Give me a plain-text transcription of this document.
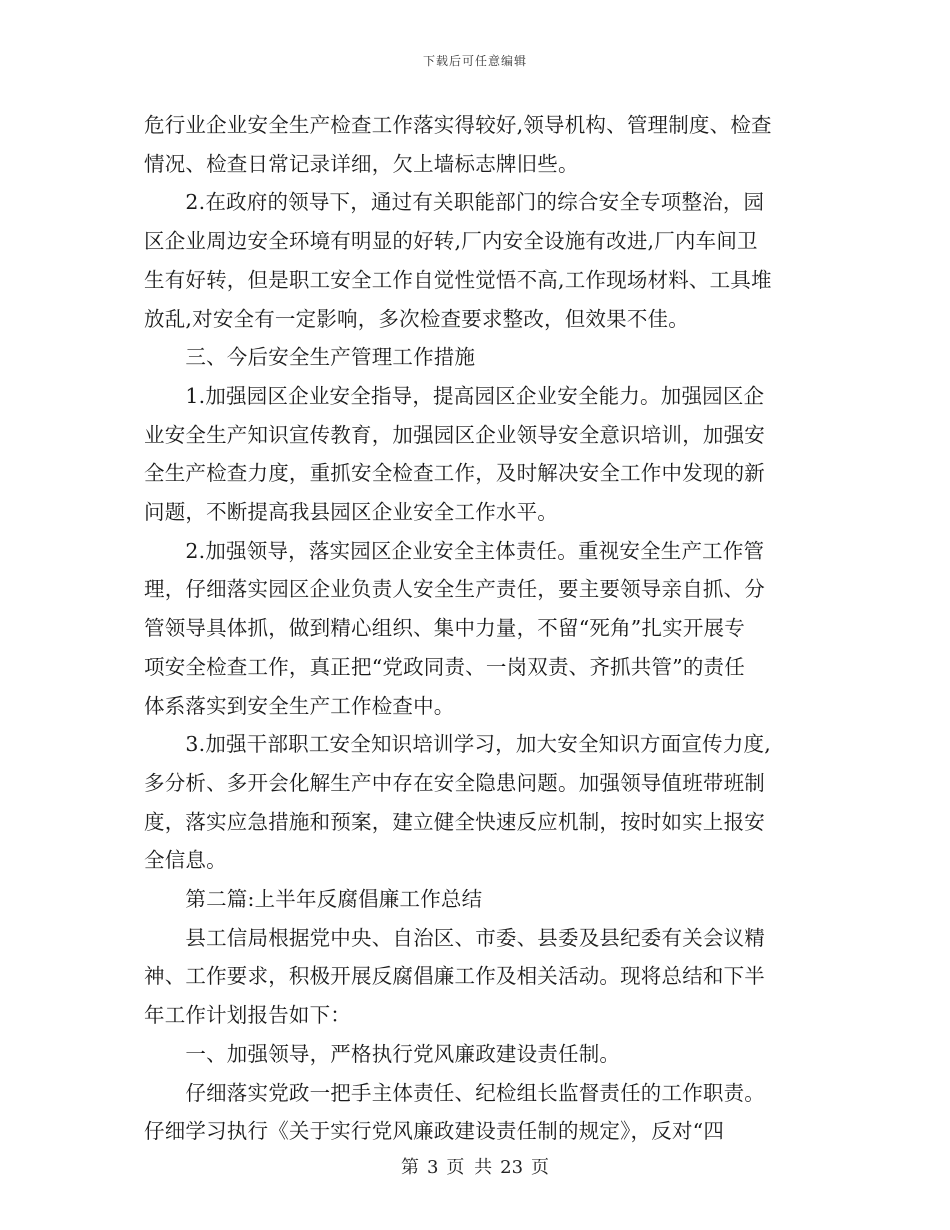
下载后可任意编辑

危行业企业安全生产检查工作落实得较好,领导机构、管理制度、检查
情况、检查日常记录详细，欠上墙标志牌旧些。

　　2.在政府的领导下，通过有关职能部门的综合安全专项整治，园
区企业周边安全环境有明显的好转,厂内安全设施有改进,厂内车间卫
生有好转，但是职工安全工作自觉性觉悟不高,工作现场材料、工具堆
放乱,对安全有一定影响，多次检查要求整改，但效果不佳。

　　三、今后安全生产管理工作措施

　　1.加强园区企业安全指导，提高园区企业安全能力。加强园区企
业安全生产知识宣传教育，加强园区企业领导安全意识培训，加强安
全生产检查力度，重抓安全检查工作，及时解决安全工作中发现的新
问题，不断提高我县园区企业安全工作水平。

　　2.加强领导，落实园区企业安全主体责任。重视安全生产工作管
理，仔细落实园区企业负责人安全生产责任，要主要领导亲自抓、分
管领导具体抓，做到精心组织、集中力量，不留“死角”扎实开展专
项安全检查工作，真正把“党政同责、一岗双责、齐抓共管”的责任
体系落实到安全生产工作检查中。

　　3.加强干部职工安全知识培训学习，加大安全知识方面宣传力度,
多分析、多开会化解生产中存在安全隐患问题。加强领导值班带班制
度，落实应急措施和预案，建立健全快速反应机制，按时如实上报安
全信息。

　　第二篇:上半年反腐倡廉工作总结

　　县工信局根据党中央、自治区、市委、县委及县纪委有关会议精
神、工作要求，积极开展反腐倡廉工作及相关活动。现将总结和下半
年工作计划报告如下：

　　一、加强领导，严格执行党风廉政建设责任制。

　　仔细落实党政一把手主体责任、纪检组长监督责任的工作职责。
仔细学习执行《关于实行党风廉政建设责任制的规定》，反对“四

第 3 页 共 23 页
